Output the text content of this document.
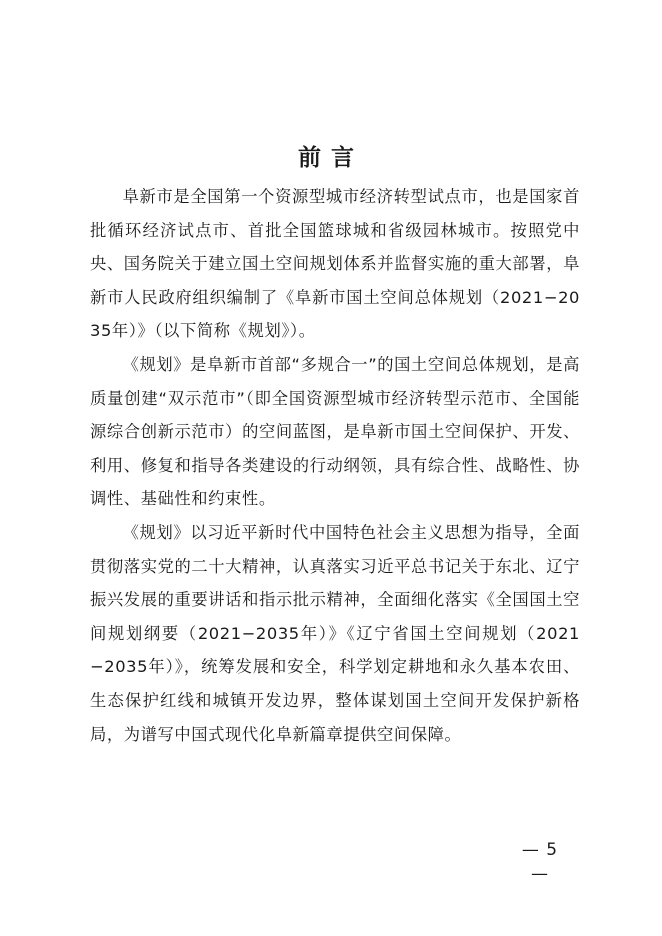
前言

阜新市是全国第一个资源型城市经济转型试点市，也是国家首批循环经济试点市、首批全国篮球城和省级园林城市。按照党中央、国务院关于建立国土空间规划体系并监督实施的重大部署，阜新市人民政府组织编制了《阜新市国土空间总体规划（2021−2035年）》（以下简称《规划》）。

《规划》是阜新市首部“多规合一”的国土空间总体规划，是高质量创建“双示范市”（即全国资源型城市经济转型示范市、全国能源综合创新示范市）的空间蓝图，是阜新市国土空间保护、开发、利用、修复和指导各类建设的行动纲领，具有综合性、战略性、协调性、基础性和约束性。

《规划》以习近平新时代中国特色社会主义思想为指导，全面贯彻落实党的二十大精神，认真落实习近平总书记关于东北、辽宁振兴发展的重要讲话和指示批示精神，全面细化落实《全国国土空间规划纲要（2021−2035年）》《辽宁省国土空间规划（2021−2035年）》，统筹发展和安全，科学划定耕地和永久基本农田、生态保护红线和城镇开发边界，整体谋划国土空间开发保护新格局，为谱写中国式现代化阜新篇章提供空间保障。

— 5 —
